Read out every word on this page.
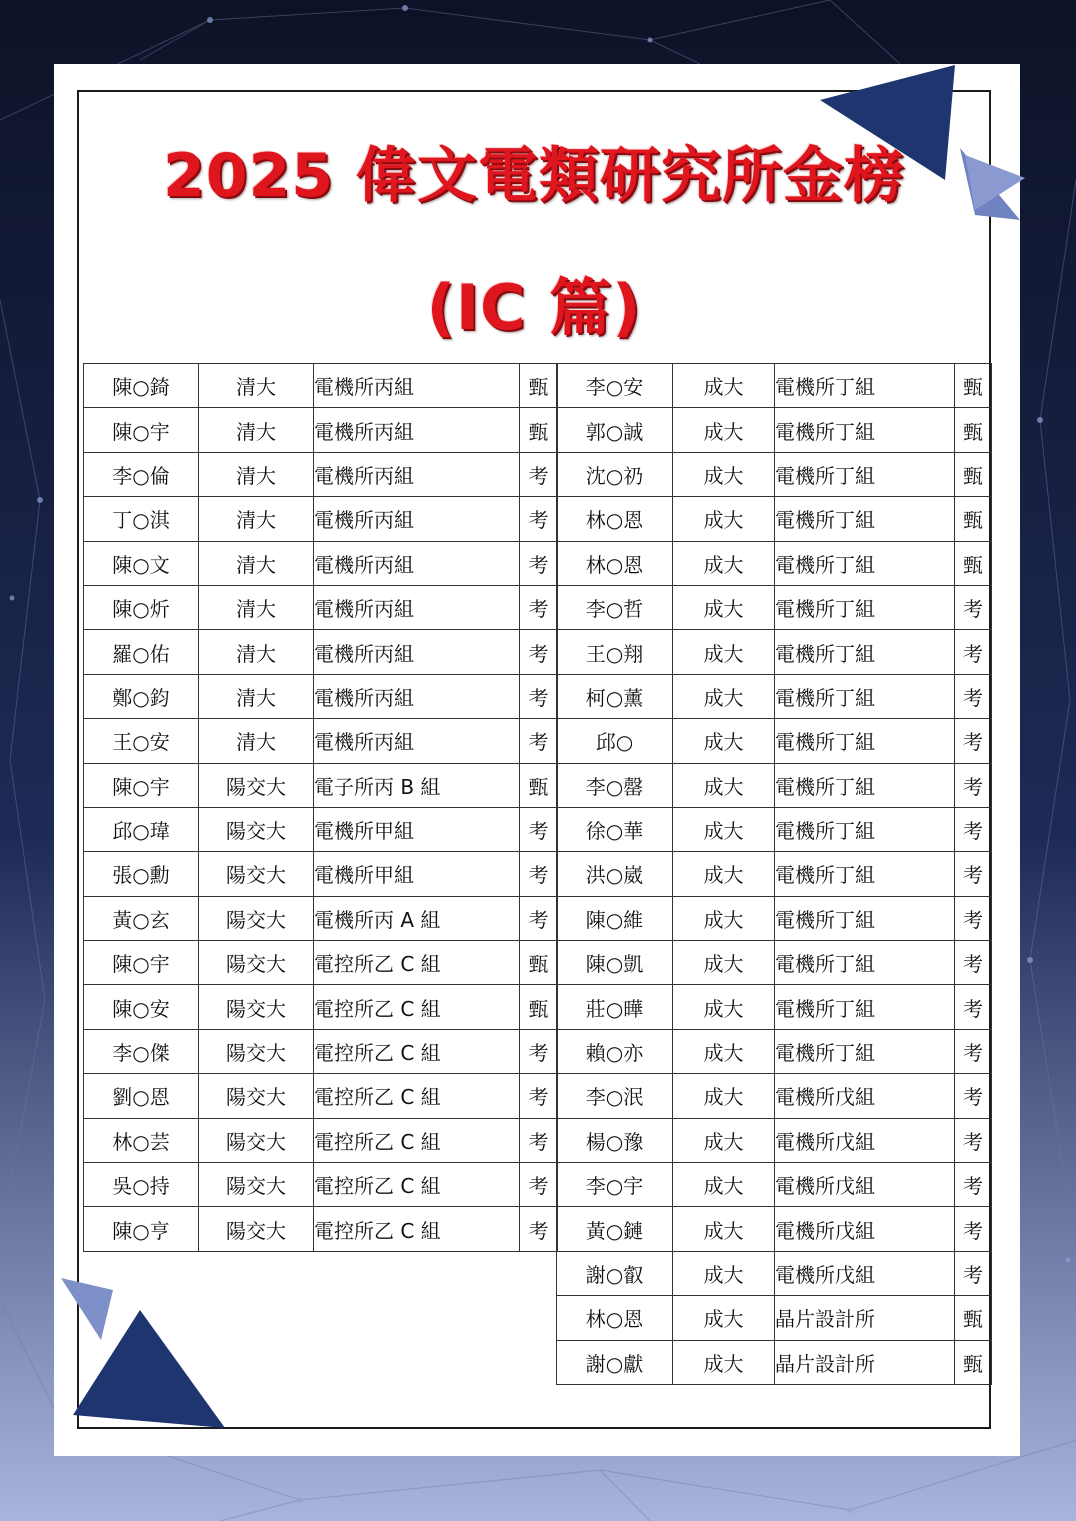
2025 偉文電類研究所金榜
(IC 篇)
陳○錡	清大	電機所丙組	甄
陳○宇	清大	電機所丙組	甄
李○倫	清大	電機所丙組	考
丁○淇	清大	電機所丙組	考
陳○文	清大	電機所丙組	考
陳○炘	清大	電機所丙組	考
羅○佑	清大	電機所丙組	考
鄭○鈞	清大	電機所丙組	考
王○安	清大	電機所丙組	考
陳○宇	陽交大	電子所丙 B 組	甄
邱○瑋	陽交大	電機所甲組	考
張○勳	陽交大	電機所甲組	考
黃○玄	陽交大	電機所丙 A 組	考
陳○宇	陽交大	電控所乙 C 組	甄
陳○安	陽交大	電控所乙 C 組	甄
李○傑	陽交大	電控所乙 C 組	考
劉○恩	陽交大	電控所乙 C 組	考
林○芸	陽交大	電控所乙 C 組	考
吳○持	陽交大	電控所乙 C 組	考
陳○亨	陽交大	電控所乙 C 組	考
李○安	成大	電機所丁組	甄
郭○誠	成大	電機所丁組	甄
沈○礽	成大	電機所丁組	甄
林○恩	成大	電機所丁組	甄
林○恩	成大	電機所丁組	甄
李○哲	成大	電機所丁組	考
王○翔	成大	電機所丁組	考
柯○薰	成大	電機所丁組	考
邱○	成大	電機所丁組	考
李○罄	成大	電機所丁組	考
徐○華	成大	電機所丁組	考
洪○崴	成大	電機所丁組	考
陳○維	成大	電機所丁組	考
陳○凱	成大	電機所丁組	考
莊○曄	成大	電機所丁組	考
賴○亦	成大	電機所丁組	考
李○泯	成大	電機所戊組	考
楊○豫	成大	電機所戊組	考
李○宇	成大	電機所戊組	考
黃○鏈	成大	電機所戊組	考
謝○叡	成大	電機所戊組	考
林○恩	成大	晶片設計所	甄
謝○獻	成大	晶片設計所	甄
